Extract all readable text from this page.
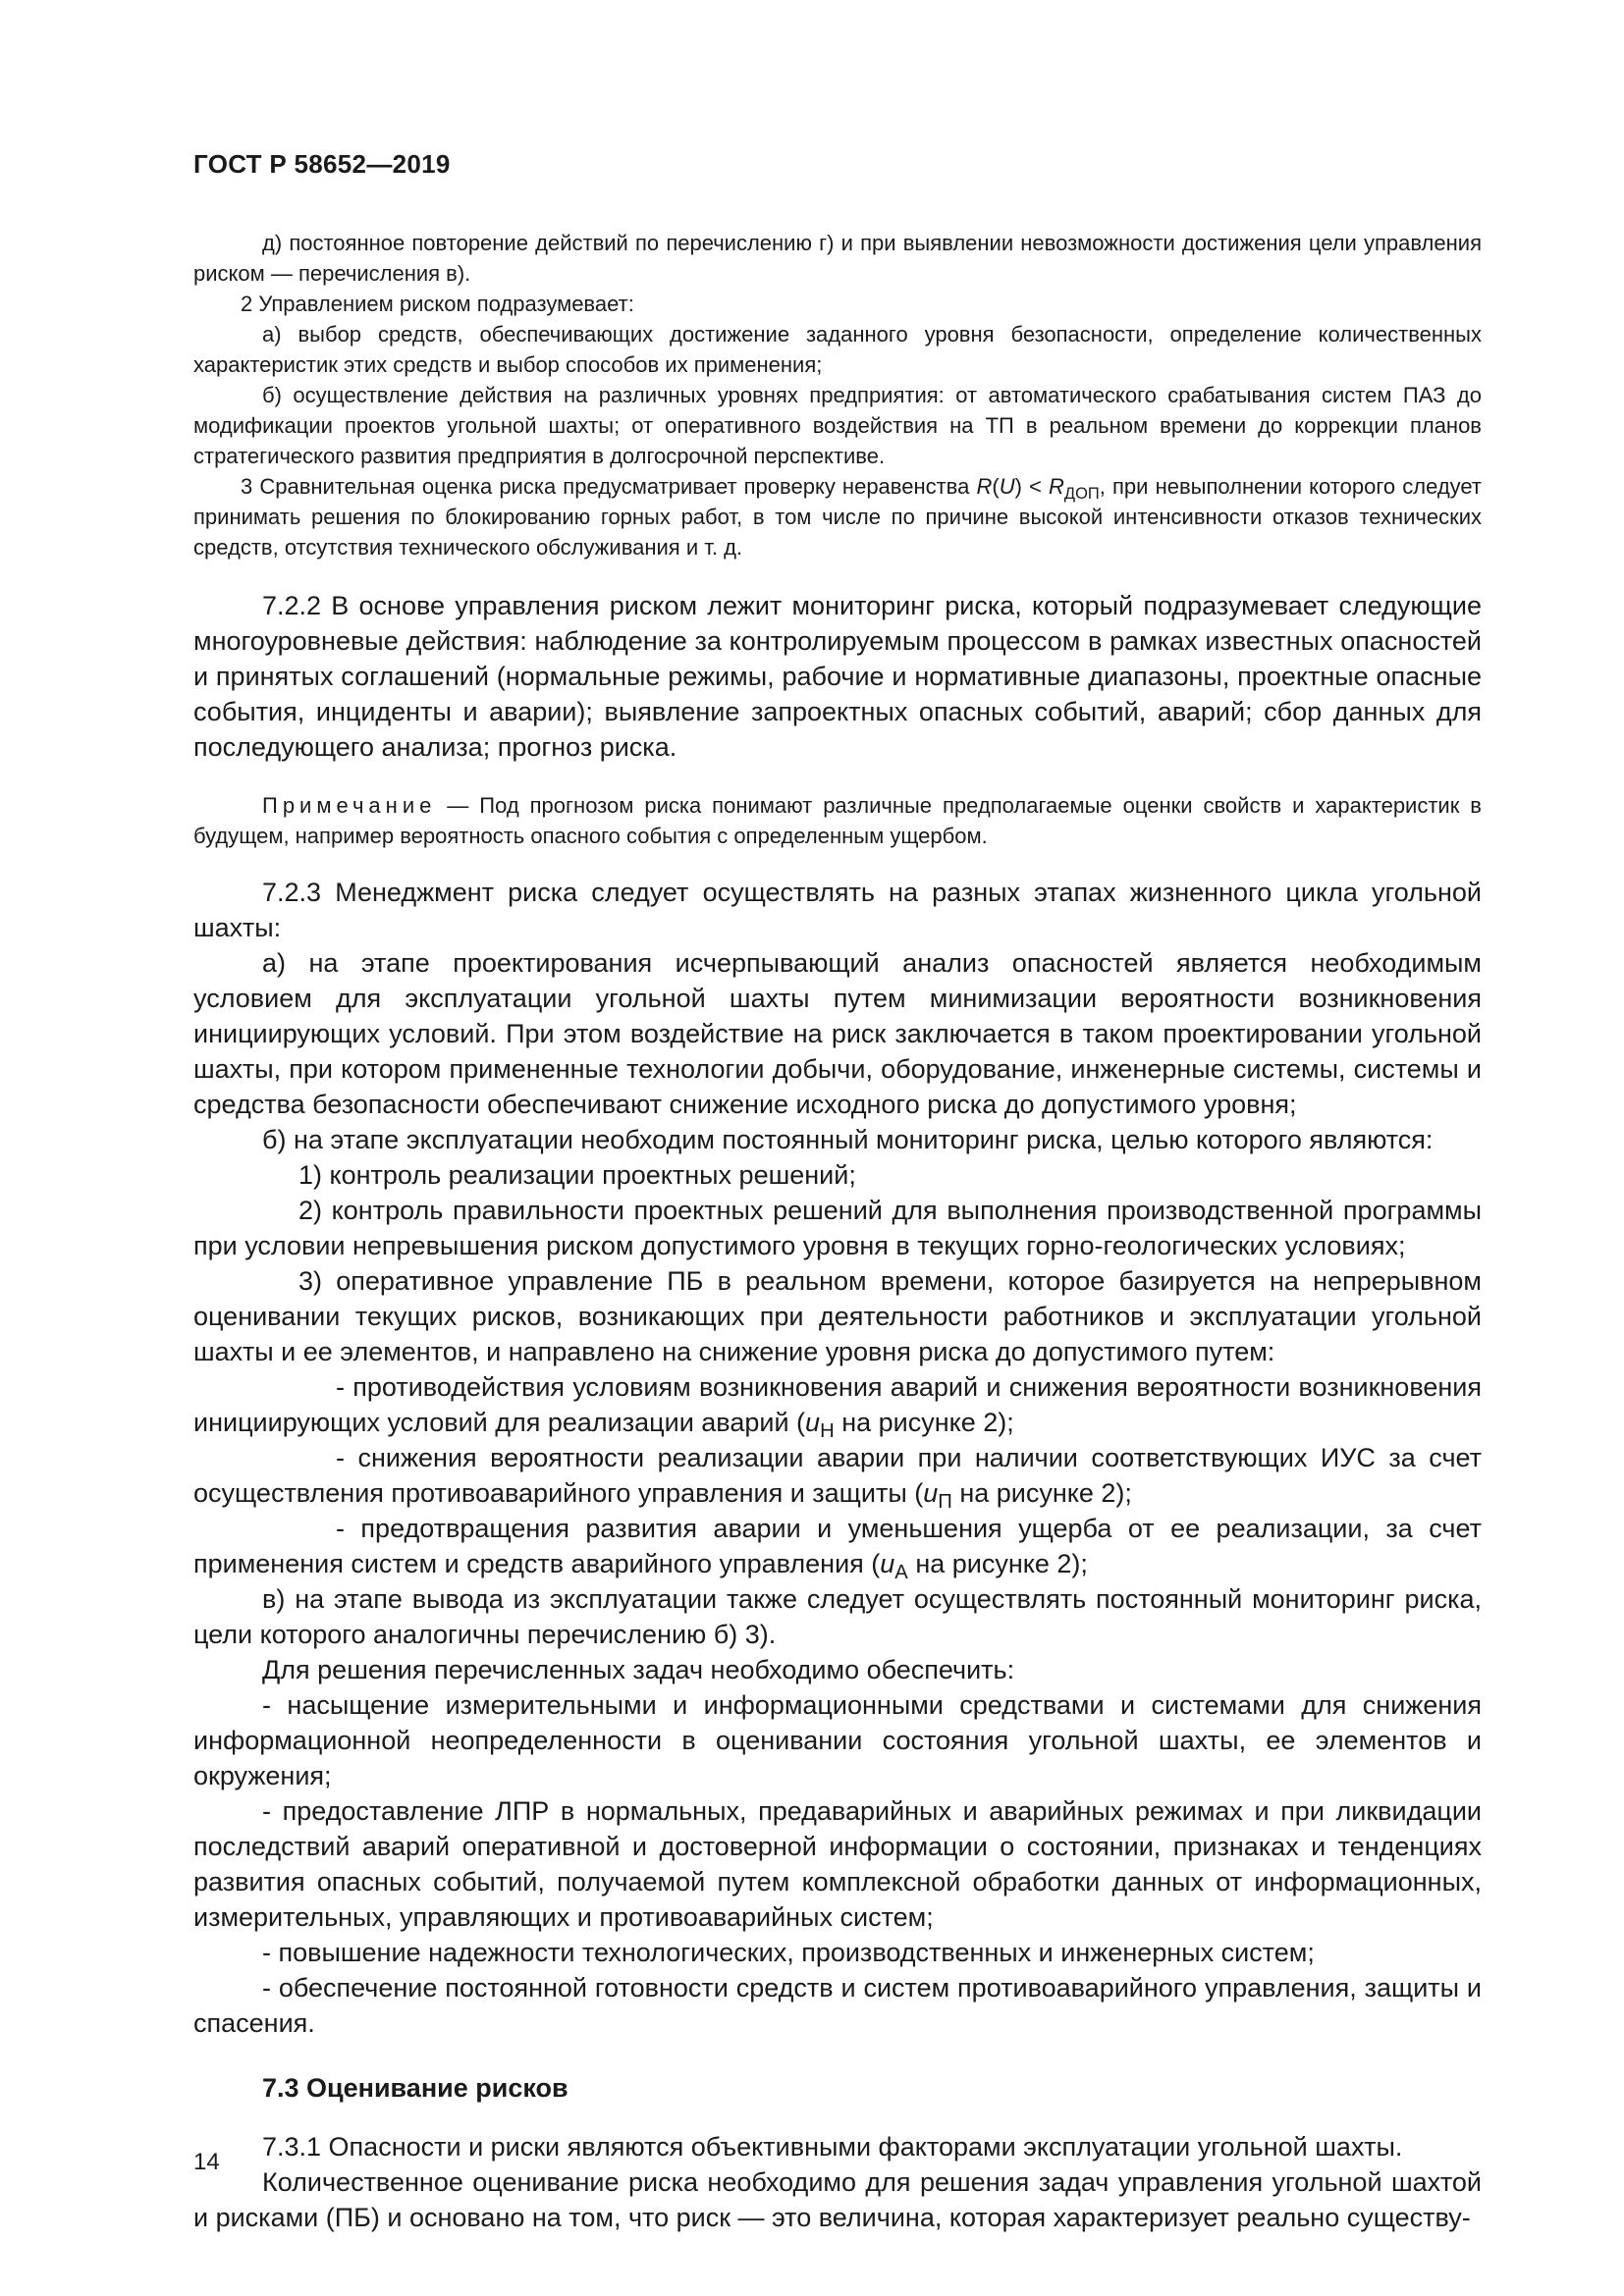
ГОСТ Р 58652—2019

д) постоянное повторение действий по перечислению г) и при выявлении невозможности достижения цели управления риском — перечисления в).

2 Управлением риском подразумевает:

а) выбор средств, обеспечивающих достижение заданного уровня безопасности, определение количественных характеристик этих средств и выбор способов их применения;

б) осуществление действия на различных уровнях предприятия: от автоматического срабатывания систем ПАЗ до модификации проектов угольной шахты; от оперативного воздействия на ТП в реальном времени до коррекции планов стратегического развития предприятия в долгосрочной перспективе.

3 Сравнительная оценка риска предусматривает проверку неравенства $R(U) < R_{ДОП}$, при невыполнении которого следует принимать решения по блокированию горных работ, в том числе по причине высокой интенсивности отказов технических средств, отсутствия технического обслуживания и т. д.

7.2.2 В основе управления риском лежит мониторинг риска, который подразумевает следующие многоуровневые действия: наблюдение за контролируемым процессом в рамках известных опасностей и принятых соглашений (нормальные режимы, рабочие и нормативные диапазоны, проектные опасные события, инциденты и аварии); выявление запроектных опасных событий, аварий; сбор данных для последующего анализа; прогноз риска.

Примечание — Под прогнозом риска понимают различные предполагаемые оценки свойств и характеристик в будущем, например вероятность опасного события с определенным ущербом.

7.2.3 Менеджмент риска следует осуществлять на разных этапах жизненного цикла угольной шахты:

а) на этапе проектирования исчерпывающий анализ опасностей является необходимым условием для эксплуатации угольной шахты путем минимизации вероятности возникновения инициирующих условий. При этом воздействие на риск заключается в таком проектировании угольной шахты, при котором примененные технологии добычи, оборудование, инженерные системы, системы и средства безопасности обеспечивают снижение исходного риска до допустимого уровня;

б) на этапе эксплуатации необходим постоянный мониторинг риска, целью которого являются:

1) контроль реализации проектных решений;

2) контроль правильности проектных решений для выполнения производственной программы при условии непревышения риском допустимого уровня в текущих горно-геологических условиях;

3) оперативное управление ПБ в реальном времени, которое базируется на непрерывном оценивании текущих рисков, возникающих при деятельности работников и эксплуатации угольной шахты и ее элементов, и направлено на снижение уровня риска до допустимого путем:

- противодействия условиям возникновения аварий и снижения вероятности возникновения инициирующих условий для реализации аварий ($u_Н$ на рисунке 2);

- снижения вероятности реализации аварии при наличии соответствующих ИУС за счет осуществления противоаварийного управления и защиты ($u_П$ на рисунке 2);

- предотвращения развития аварии и уменьшения ущерба от ее реализации, за счет применения систем и средств аварийного управления ($u_А$ на рисунке 2);

в) на этапе вывода из эксплуатации также следует осуществлять постоянный мониторинг риска, цели которого аналогичны перечислению б) 3).

Для решения перечисленных задач необходимо обеспечить:

- насыщение измерительными и информационными средствами и системами для снижения информационной неопределенности в оценивании состояния угольной шахты, ее элементов и окружения;

- предоставление ЛПР в нормальных, предаварийных и аварийных режимах и при ликвидации последствий аварий оперативной и достоверной информации о состоянии, признаках и тенденциях развития опасных событий, получаемой путем комплексной обработки данных от информационных, измерительных, управляющих и противоаварийных систем;

- повышение надежности технологических, производственных и инженерных систем;

- обеспечение постоянной готовности средств и систем противоаварийного управления, защиты и спасения.

7.3 Оценивание рисков

7.3.1 Опасности и риски являются объективными факторами эксплуатации угольной шахты.

Количественное оценивание риска необходимо для решения задач управления угольной шахтой и рисками (ПБ) и основано на том, что риск — это величина, которая характеризует реально существу-

14
